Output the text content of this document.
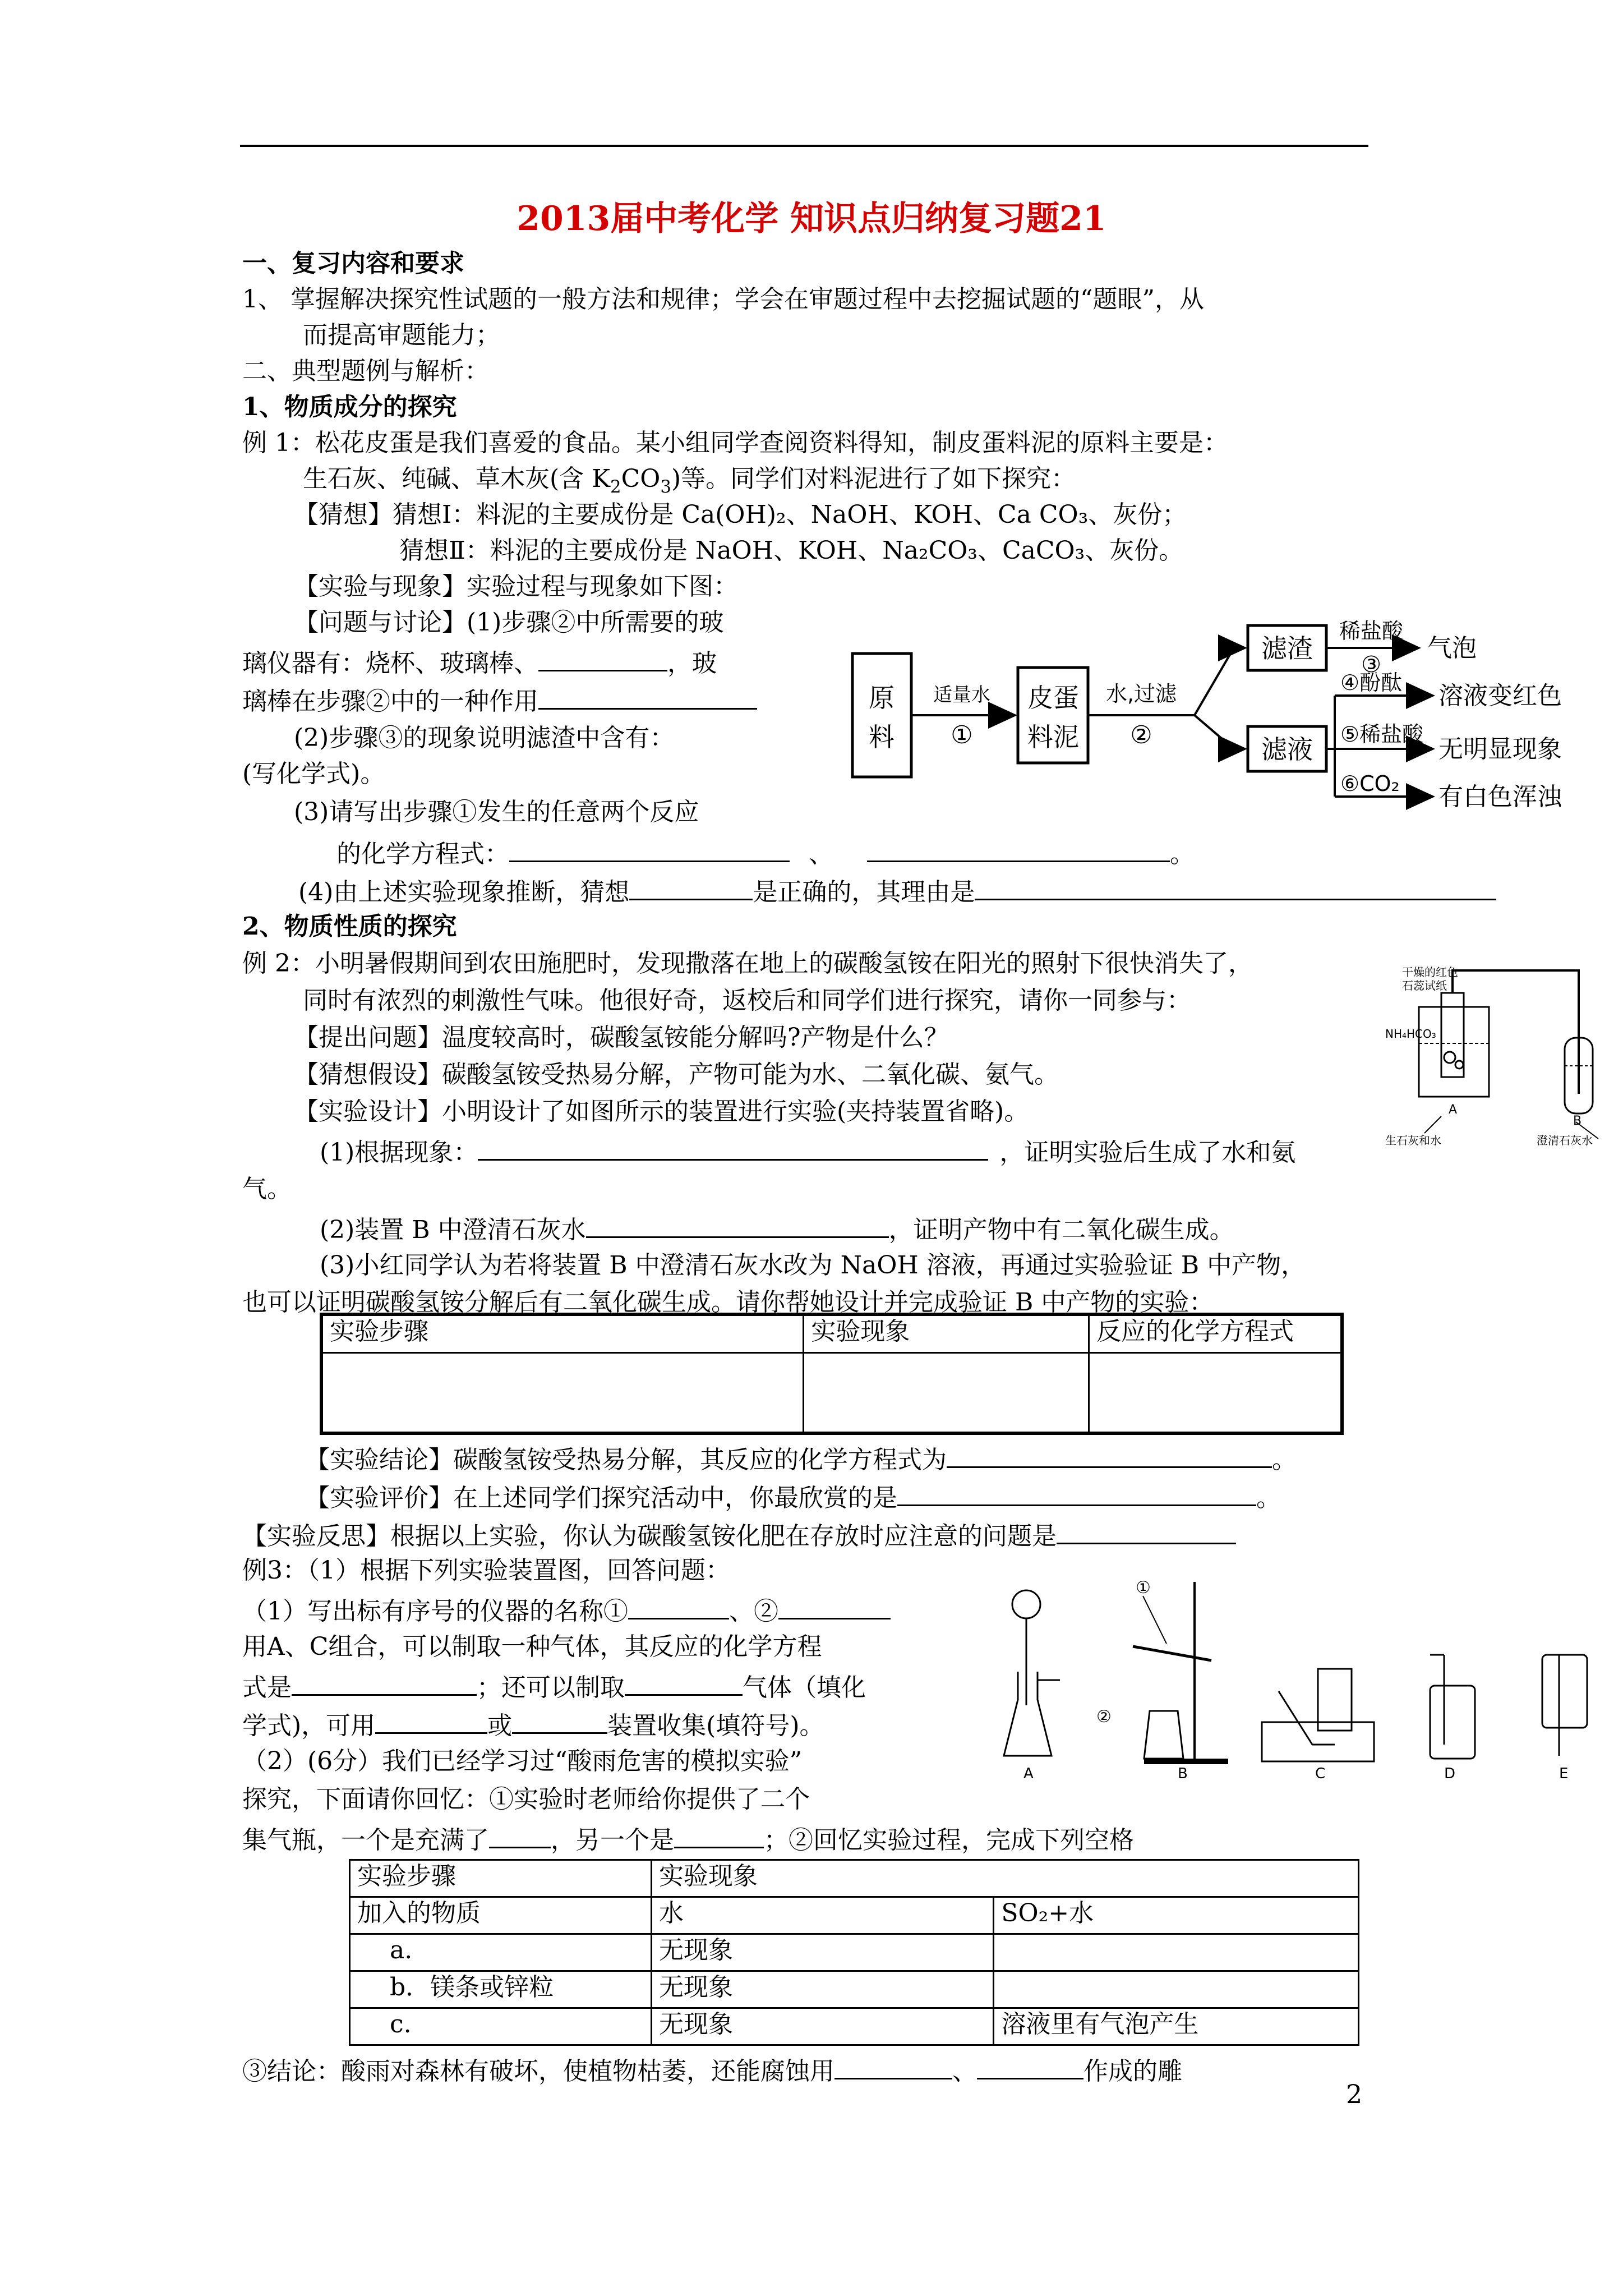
2013届中考化学 知识点归纳复习题21
一、复习内容和要求
1、 掌握解决探究性试题的一般方法和规律；学会在审题过程中去挖掘试题的“题眼”，从
而提高审题能力；
二、典型题例与解析：
1、物质成分的探究
例 1：松花皮蛋是我们喜爱的食品。某小组同学查阅资料得知，制皮蛋料泥的原料主要是：
生石灰、纯碱、草木灰(含 $K_2CO_3$)等。同学们对料泥进行了如下探究：
【猜想】猜想Ⅰ：料泥的主要成份是 Ca(OH)₂、NaOH、KOH、Ca CO₃、灰份；
猜想Ⅱ：料泥的主要成份是 NaOH、KOH、Na₂CO₃、CaCO₃、灰份。
【实验与现象】实验过程与现象如下图：
【问题与讨论】(1)步骤②中所需要的玻
璃仪器有：烧杯、玻璃棒、	，玻
璃棒在步骤②中的一种作用
(2)步骤③的现象说明滤渣中含有：
(写化学式)。
(3)请写出步骤①发生的任意两个反应
的化学方程式：	、	。
(4)由上述实验现象推断，猜想	是正确的，其理由是
原
料
适量水
①
皮蛋
料泥
水,过滤
②
滤渣
滤液
稀盐酸
③
气泡
④酚酞
⑤稀盐酸
⑥CO₂
溶液变红色
无明显现象
有白色浑浊
2、物质性质的探究
例 2：小明暑假期间到农田施肥时，发现撒落在地上的碳酸氢铵在阳光的照射下很快消失了，
同时有浓烈的刺激性气味。他很好奇，返校后和同学们进行探究，请你一同参与：
【提出问题】温度较高时，碳酸氢铵能分解吗?产物是什么？
【猜想假设】碳酸氢铵受热易分解，产物可能为水、二氧化碳、氨气。
【实验设计】小明设计了如图所示的装置进行实验(夹持装置省略)。
(1)根据现象：	，证明实验后生成了水和氨
气。
(2)装置 B 中澄清石灰水	，证明产物中有二氧化碳生成。
(3)小红同学认为若将装置 B 中澄清石灰水改为 NaOH 溶液，再通过实验验证 B 中产物，
也可以证明碳酸氢铵分解后有二氧化碳生成。请你帮她设计并完成验证 B 中产物的实验：
干燥的红色
石蕊试纸
NH₄HCO₃
A
B
生石灰和水	澄清石灰水
实验步骤	实验现象	反应的化学方程式

【实验结论】碳酸氢铵受热易分解，其反应的化学方程式为	。
【实验评价】在上述同学们探究活动中，你最欣赏的是	。
【实验反思】根据以上实验，你认为碳酸氢铵化肥在存放时应注意的问题是
例3：（1）根据下列实验装置图，回答问题：
（1）写出标有序号的仪器的名称①	、②
用A、C组合，可以制取一种气体，其反应的化学方程
式是	；还可以制取	气体（填化
学式)，可用	或	装置收集(填符号)。
（2）(6分）我们已经学习过“酸雨危害的模拟实验”
探究，下面请你回忆：①实验时老师给你提供了二个
集气瓶，一个是充满了	，另一个是	；②回忆实验过程，完成下列空格
A
①
②
B	C	D	E
实验步骤	实验现象	
加入的物质	水	SO₂+水
a.	无现象	
b．镁条或锌粒	无现象	
c.	无现象	溶液里有气泡产生
③结论：酸雨对森林有破坏，使植物枯萎，还能腐蚀用	、	作成的雕
2
